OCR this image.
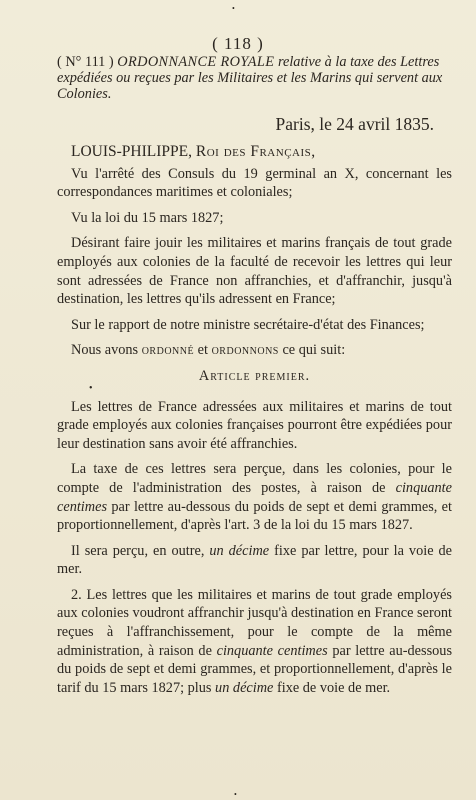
•
( 118 )
( N° 111 ) ORDONNANCE ROYALE relative à la taxe des Lettres expédiées ou reçues par les Militaires et les Marins qui servent aux Colonies.
Paris, le 24 avril 1835.

LOUIS-PHILIPPE, Roi des Français,

Vu l'arrêté des Consuls du 19 germinal an X, concernant les correspondances maritimes et coloniales;

Vu la loi du 15 mars 1827;

Désirant faire jouir les militaires et marins français de tout grade employés aux colonies de la faculté de recevoir les lettres qui leur sont adressées de France non affranchies, et d'affranchir, jusqu'à destination, les lettres qu'ils adressent en France;

Sur le rapport de notre ministre secrétaire-d'état des Finances;

Nous avons ordonné et ordonnons ce qui suit:

Article premier.

Les lettres de France adressées aux militaires et marins de tout grade employés aux colonies françaises pourront être expédiées pour leur destination sans avoir été affranchies.

La taxe de ces lettres sera perçue, dans les colonies, pour le compte de l'administration des postes, à raison de cinquante centimes par lettre au-dessous du poids de sept et demi grammes, et proportionnellement, d'après l'art. 3 de la loi du 15 mars 1827.

Il sera perçu, en outre, un décime fixe par lettre, pour la voie de mer.

2. Les lettres que les militaires et marins de tout grade employés aux colonies voudront affranchir jusqu'à destination en France seront reçues à l'affranchissement, pour le compte de la même administration, à raison de cinquante centimes par lettre au-dessous du poids de sept et demi grammes, et proportionnellement, d'après le tarif du 15 mars 1827; plus un décime fixe de voie de mer.

•
•
